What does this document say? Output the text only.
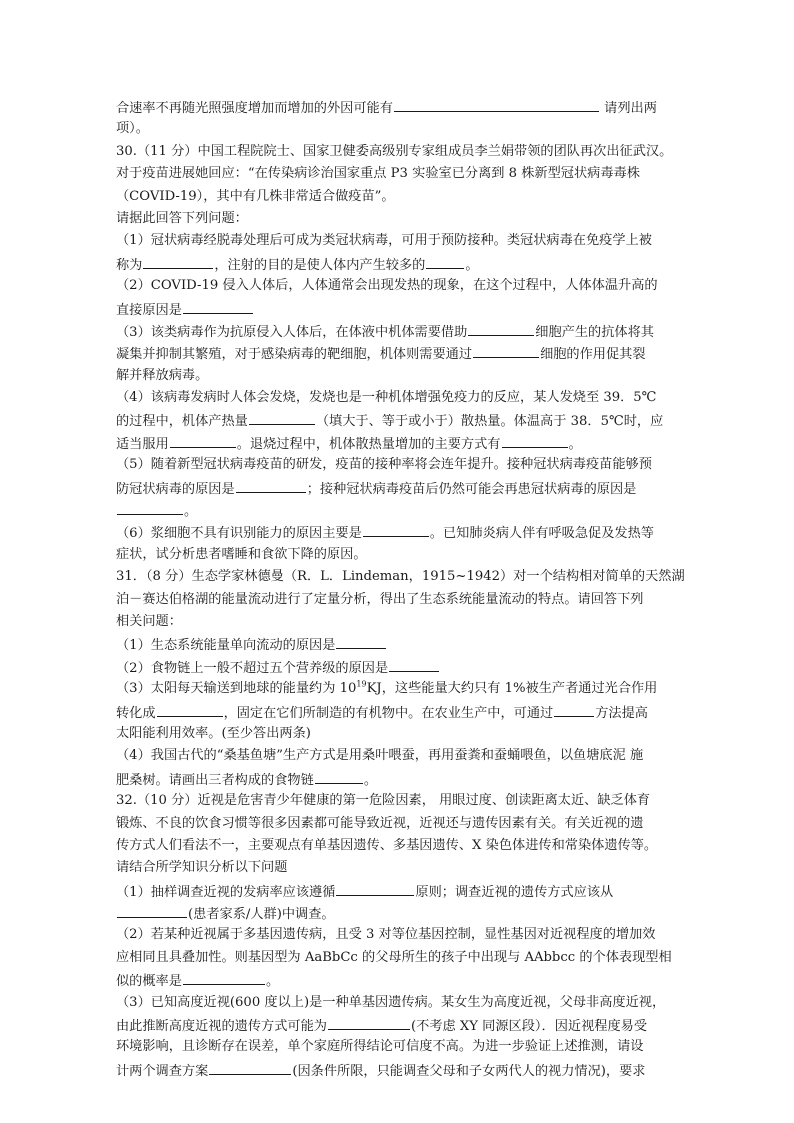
合速率不再随光照强度增加而增加的外因可能有	请列出两
项）。
30.（11 分）中国工程院院士、国家卫健委高级别专家组成员李兰娟带领的团队再次出征武汉。
对于疫苗进展她回应：“在传染病诊治国家重点 P3 实验室已分离到 8 株新型冠状病毒毒株
（COVID-19），其中有几株非常适合做疫苗”。
请据此回答下列问题：
（1）冠状病毒经脱毒处理后可成为类冠状病毒，可用于预防接种。类冠状病毒在免疫学上被
称为	，注射的目的是使人体内产生较多的	。
（2）COVID-19 侵入人体后，人体通常会出现发热的现象，在这个过程中，人体体温升高的
直接原因是
（3）该类病毒作为抗原侵入人体后，在体液中机体需要借助	细胞产生的抗体将其
凝集并抑制其繁殖，对于感染病毒的靶细胞，机体则需要通过	细胞的作用促其裂
解并释放病毒。
（4）该病毒发病时人体会发烧，发烧也是一种机体增强免疫力的反应，某人发烧至 39．5℃
的过程中，机体产热量	（填大于、等于或小于）散热量。体温高于 38．5℃时，应
适当服用	。退烧过程中，机体散热量增加的主要方式有	。
（5）随着新型冠状病毒疫苗的研发，疫苗的接种率将会连年提升。接种冠状病毒疫苗能够预
防冠状病毒的原因是	；接种冠状病毒疫苗后仍然可能会再患冠状病毒的原因是
。
（6）浆细胞不具有识别能力的原因主要是	。已知肺炎病人伴有呼吸急促及发热等
症状，试分析患者嗜睡和食欲下降的原因。
31．（8 分）生态学家林德曼（R．L．Lindeman，1915~1942）对一个结构相对简单的天然湖
泊－赛达伯格湖的能量流动进行了定量分析，得出了生态系统能量流动的特点。请回答下列
相关问题：
（1）生态系统能量单向流动的原因是
（2）食物链上一般不超过五个营养级的原因是
（3）太阳每天输送到地球的能量约为 $10^{19}KJ$，这些能量大约只有 1%被生产者通过光合作用
转化成	，固定在它们所制造的有机物中。在农业生产中，可通过	方法提高
太阳能利用效率。(至少答出两条)
（4）我国古代的“桑基鱼塘”生产方式是用桑叶喂蚕，再用蚕粪和蚕蛹喂鱼，以鱼塘底泥 施
肥桑树。请画出三者构成的食物链	。
32.（10 分）近视是危害青少年健康的第一危险因素， 用眼过度、创读距离太近、缺乏体育
锻炼、不良的饮食习惯等很多因素都可能导致近视，近视还与遗传因素有关。有关近视的遗
传方式人们看法不一，主要观点有单基因遗传、多基因遗传、X 染色体进传和常染体遗传等。
请结合所学知识分析以下问题
（1）抽样调查近视的发病率应该遵循	原则；调查近视的遗传方式应该从
(患者家系/人群)中调查。
（2）若某种近视属于多基因遗传病，且受 3 对等位基因控制，显性基因对近视程度的增加效
应相同且具叠加性。则基因型为 AaBbCc 的父母所生的孩子中出现与 AAbbcc 的个体表现型相
似的概率是	。
（3）已知高度近视(600 度以上)是一种单基因遗传病。某女生为高度近视，父母非高度近视，
由此推断高度近视的遗传方式可能为	(不考虑 XY 同源区段）．因近视程度易受
环境影响，且诊断存在误差，单个家庭所得结论可信度不高。为进一步验证上述推测，请设
计两个调查方案	(因条件所限，只能调查父母和子女两代人的视力情况)，要求
